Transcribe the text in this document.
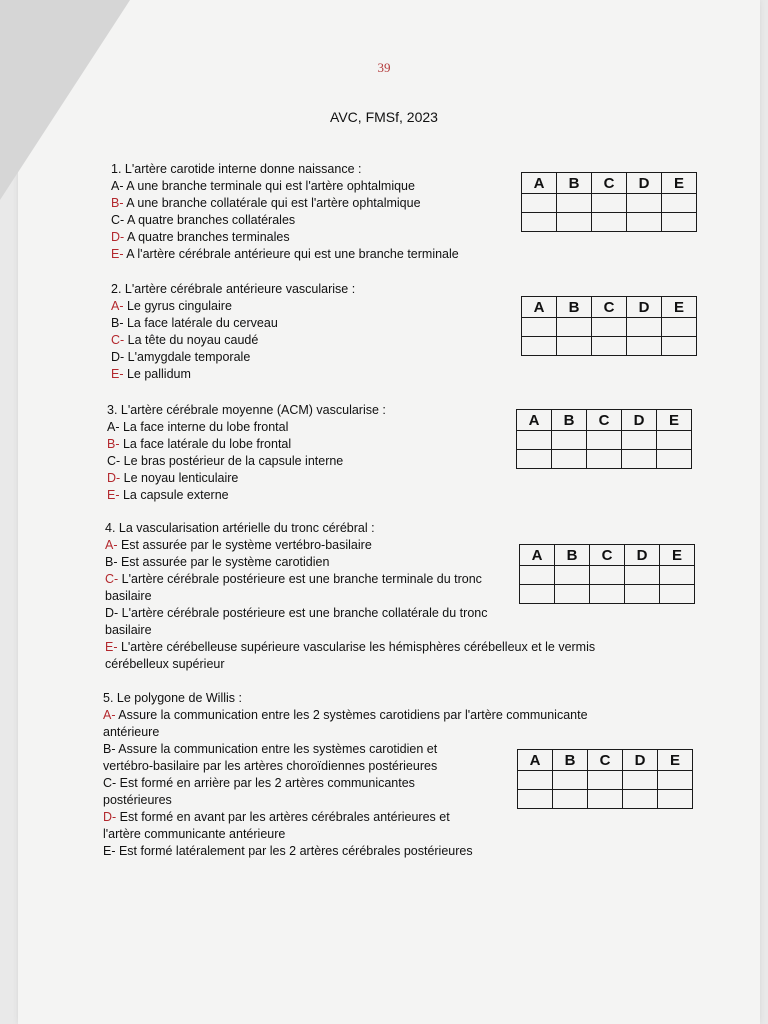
39
AVC, FMSf, 2023
1. L'artère carotide interne donne naissance :
A- A une branche terminale qui est l'artère ophtalmique
B- A une branche collatérale qui est l'artère ophtalmique
C- A quatre branches collatérales
D- A quatre branches terminales
E- A l'artère cérébrale antérieure qui est une branche terminale
A	B	C	D	E

2. L'artère cérébrale antérieure vascularise :
A- Le gyrus cingulaire
B- La face latérale du cerveau
C- La tête du noyau caudé
D- L'amygdale temporale
E- Le pallidum
A	B	C	D	E

3. L'artère cérébrale moyenne (ACM) vascularise :
A- La face interne du lobe frontal
B- La face latérale du lobe frontal
C- Le bras postérieur de la capsule interne
D- Le noyau lenticulaire
E- La capsule externe
A	B	C	D	E

4. La vascularisation artérielle du tronc cérébral :
A- Est assurée par le système vertébro-basilaire
B- Est assurée par le système carotidien
C- L'artère cérébrale postérieure est une branche terminale du tronc basilaire
D- L'artère cérébrale postérieure est une branche collatérale du tronc basilaire
E- L'artère cérébelleuse supérieure vascularise les hémisphères cérébelleux et le vermis cérébelleux supérieur
A	B	C	D	E

5. Le polygone de Willis :
A- Assure la communication entre les 2 systèmes carotidiens par l'artère communicante antérieure
B- Assure la communication entre les systèmes carotidien et vertébro-basilaire par les artères choroïdiennes postérieures
C- Est formé en arrière par les 2 artères communicantes postérieures
D- Est formé en avant par les artères cérébrales antérieures et l'artère communicante antérieure
E- Est formé latéralement par les 2 artères cérébrales postérieures
A	B	C	D	E
